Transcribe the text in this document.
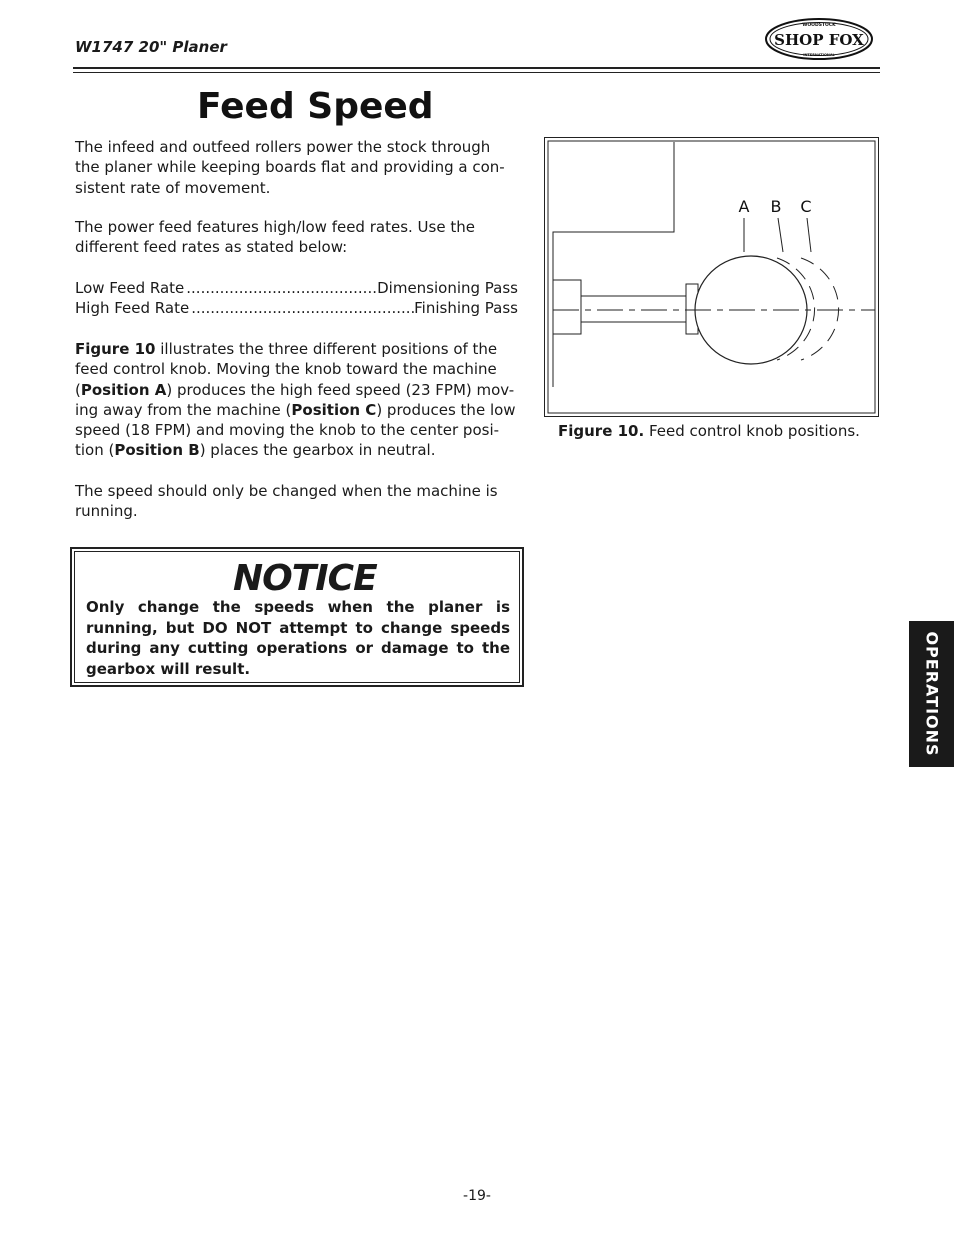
W1747 20" Planer
WOODSTOCK
SHOP FOX
INTERNATIONAL
Feed Speed
The infeed and outfeed rollers power the stock through the planer while keeping boards flat and providing a con- sistent rate of movement.
The power feed features high/low feed rates. Use the different feed rates as stated below:
Low Feed Rate .....	Dimensioning Pass
High Feed Rate .....	Finishing Pass
Figure 10 illustrates the three different positions of the feed control knob. Moving the knob toward the machine (Position A) produces the high feed speed (23 FPM) mov- ing away from the machine (Position C) produces the low speed (18 FPM) and moving the knob to the center posi- tion (Position B) places the gearbox in neutral.
The speed should only be changed when the machine is running.
NOTICE
Only change the speeds when the planer is running, but DO NOT attempt to change speeds during any cutting operations or damage to the gearbox will result.
A B C
Figure 10. Feed control knob positions.
OPERATIONS
-19-
